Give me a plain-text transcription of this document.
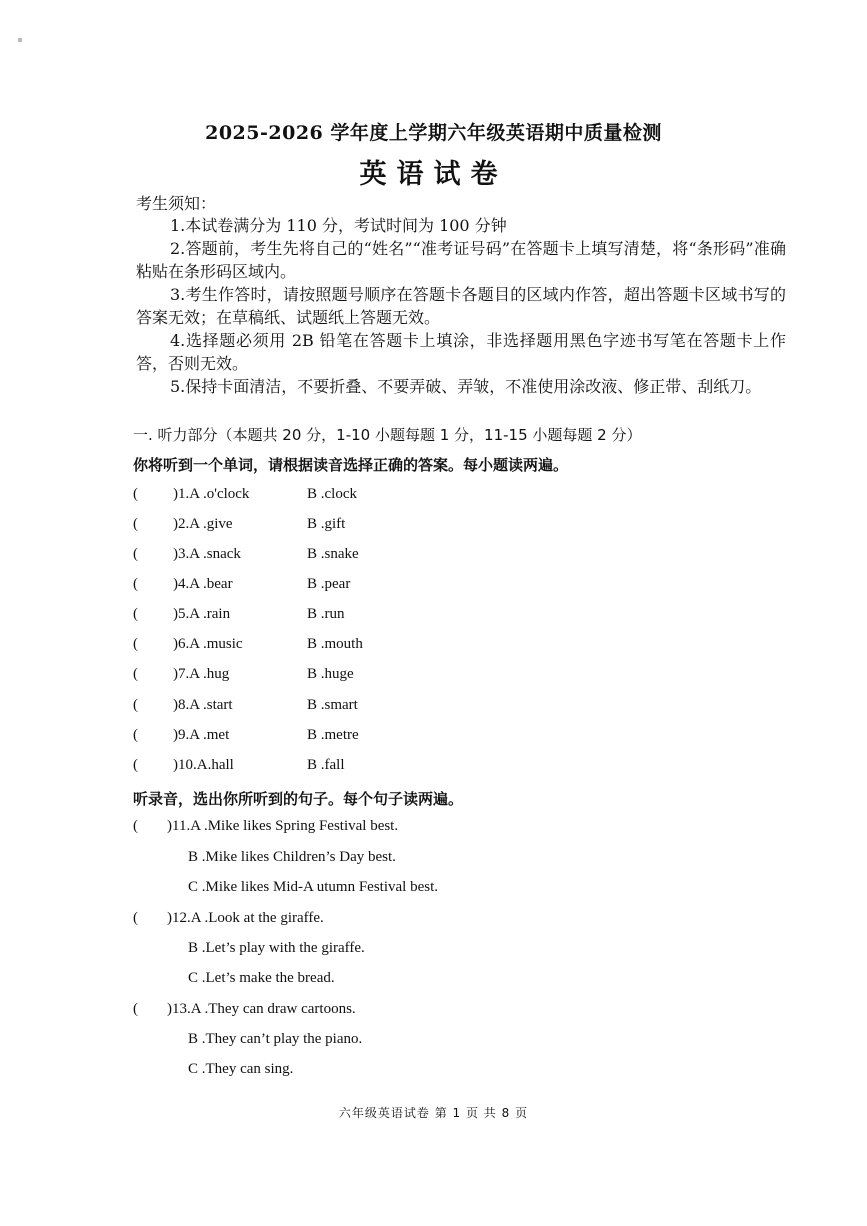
2025-2026 学年度上学期六年级英语期中质量检测
英语试卷
考生须知：

1.本试卷满分为 110 分，考试时间为 100 分钟

2.答题前，考生先将自己的“姓名”“准考证号码”在答题卡上填写清楚，将“条形码”准确粘贴在条形码区域内。

3.考生作答时，请按照题号顺序在答题卡各题目的区域内作答，超出答题卡区域书写的答案无效；在草稿纸、试题纸上答题无效。

4.选择题必须用 2B 铅笔在答题卡上填涂，非选择题用黑色字迹书写笔在答题卡上作答，否则无效。

5.保持卡面清洁，不要折叠、不要弄破、弄皱，不准使用涂改液、修正带、刮纸刀。

一. 听力部分（本题共 20 分，1-10 小题每题 1 分，11-15 小题每题 2 分）
你将听到一个单词，请根据读音选择正确的答案。每小题读两遍。
( )1.A .o'clock	B .clock
( )2.A .give	B .gift
( )3.A .snack	B .snake
( )4.A .bear	B .pear
( )5.A .rain	B .run
( )6.A .music	B .mouth
( )7.A .hug	B .huge
( )8.A .start	B .smart
( )9.A .met	B .metre
( )10.A.hall	B .fall
听录音，选出你所听到的句子。每个句子读两遍。
( )11.A .Mike likes Spring Festival best.
B .Mike likes Children’s Day best.
C .Mike likes Mid-A utumn Festival best.
( )12.A .Look at the giraffe.
B .Let’s play with the giraffe.
C .Let’s make the bread.
( )13.A .They can draw cartoons.
B .They can’t play the piano.
C .They can sing.
六年级英语试卷 第 1 页 共 8 页
